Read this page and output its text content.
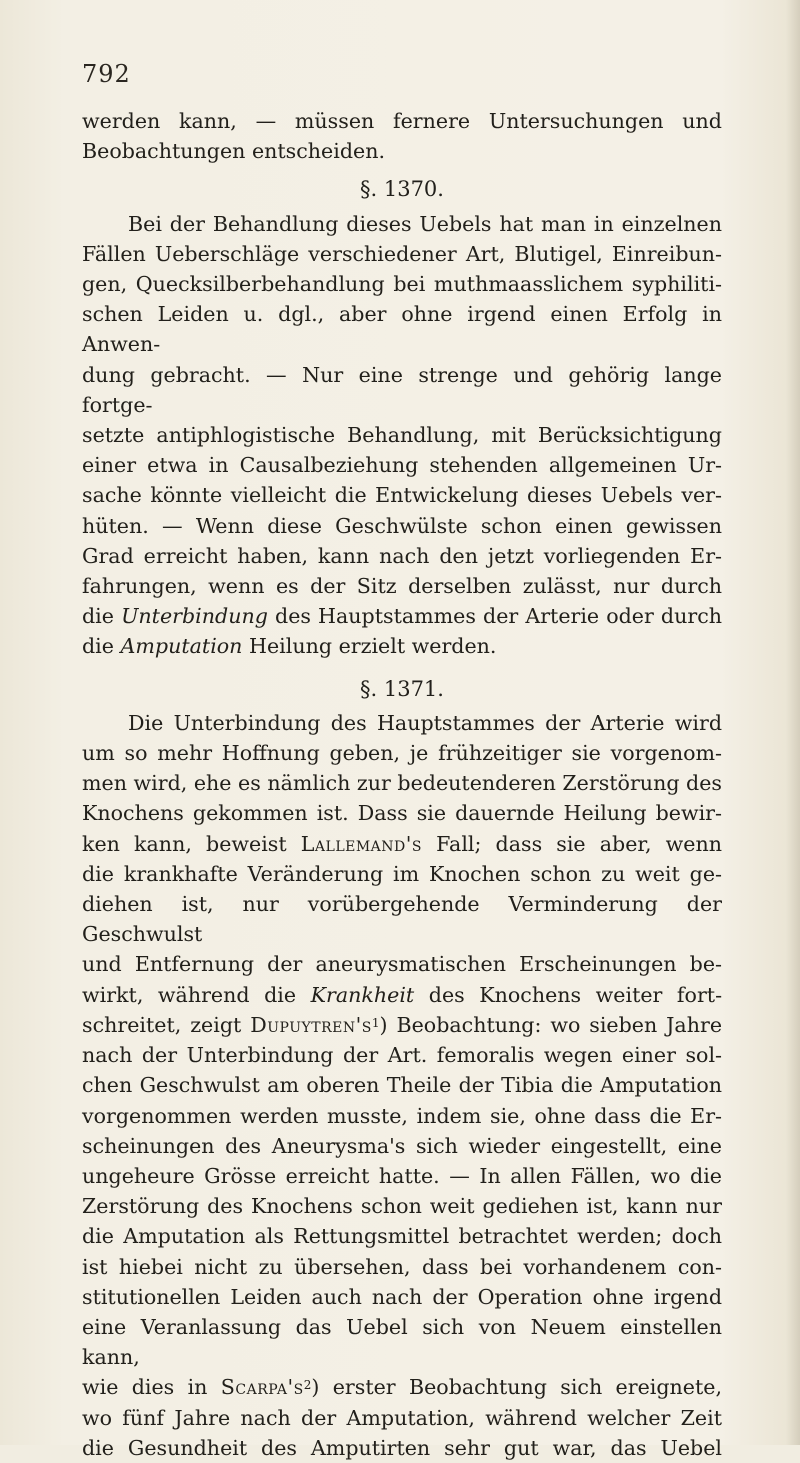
792

werden kann, — müssen fernere Untersuchungen und

Beobachtungen entscheiden.

§. 1370.

Bei der Behandlung dieses Uebels hat man in einzelnen

Fällen Ueberschläge verschiedener Art, Blutigel, Einreibun-

gen, Quecksilberbehandlung bei muthmaasslichem syphiliti-

schen Leiden u. dgl., aber ohne irgend einen Erfolg in Anwen-

dung gebracht. — Nur eine strenge und gehörig lange fortge-

setzte antiphlogistische Behandlung, mit Berücksichtigung

einer etwa in Causalbeziehung stehenden allgemeinen Ur-

sache könnte vielleicht die Entwickelung dieses Uebels ver-

hüten. — Wenn diese Geschwülste schon einen gewissen

Grad erreicht haben, kann nach den jetzt vorliegenden Er-

fahrungen, wenn es der Sitz derselben zulässt, nur durch

die Unterbindung des Hauptstammes der Arterie oder durch

die Amputation Heilung erzielt werden.

§. 1371.

Die Unterbindung des Hauptstammes der Arterie wird

um so mehr Hoffnung geben, je frühzeitiger sie vorgenom-

men wird, ehe es nämlich zur bedeutenderen Zerstörung des

Knochens gekommen ist. Dass sie dauernde Heilung bewir-

ken kann, beweist Lallemand's Fall; dass sie aber, wenn

die krankhafte Veränderung im Knochen schon zu weit ge-

diehen ist, nur vorübergehende Verminderung der Geschwulst

und Entfernung der aneurysmatischen Erscheinungen be-

wirkt, während die Krankheit des Knochens weiter fort-

schreitet, zeigt $Dupuytren's^1$) Beobachtung: wo sieben Jahre

nach der Unterbindung der Art. femoralis wegen einer sol-

chen Geschwulst am oberen Theile der Tibia die Amputation

vorgenommen werden musste, indem sie, ohne dass die Er-

scheinungen des Aneurysma's sich wieder eingestellt, eine

ungeheure Grösse erreicht hatte. — In allen Fällen, wo die

Zerstörung des Knochens schon weit gediehen ist, kann nur

die Amputation als Rettungsmittel betrachtet werden; doch

ist hiebei nicht zu übersehen, dass bei vorhandenem con-

stitutionellen Leiden auch nach der Operation ohne irgend

eine Veranlassung das Uebel sich von Neuem einstellen kann,

wie dies in $Scarpa's^2$) erster Beobachtung sich ereignete,

wo fünf Jahre nach der Amputation, während welcher Zeit

die Gesundheit des Amputirten sehr gut war, das Uebel
